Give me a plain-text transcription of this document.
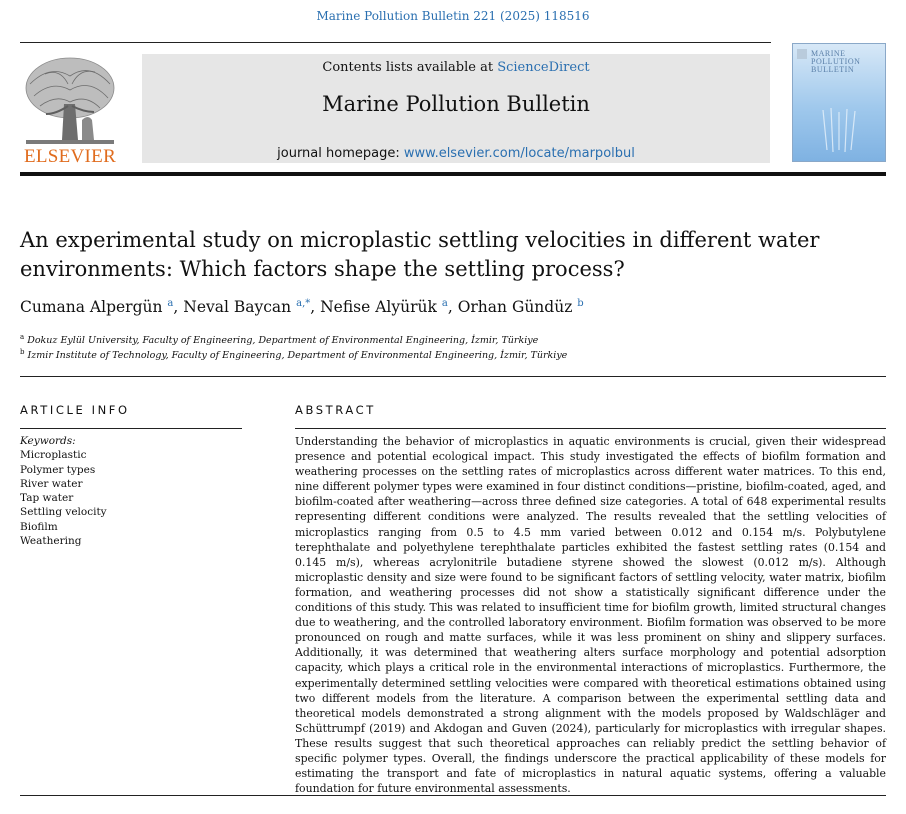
Marine Pollution Bulletin 221 (2025) 118516
ELSEVIER
Contents lists available at ScienceDirect
Marine Pollution Bulletin
journal homepage: www.elsevier.com/locate/marpolbul
MARINE
POLLUTION
BULLETIN
An experimental study on microplastic settling velocities in different water environments: Which factors shape the settling process?
Cumana Alpergün $^a$, Neval Baycan $^{a,*}$, Nefise Alyürük $^a$, Orhan Gündüz $^b$
$^a$ Dokuz Eylül University, Faculty of Engineering, Department of Environmental Engineering, İzmir, Türkiye
$^b$ Izmir Institute of Technology, Faculty of Engineering, Department of Environmental Engineering, İzmir, Türkiye
ARTICLE INFO	ABSTRACT
Keywords:
Microplastic
Polymer types
River water
Tap water
Settling velocity
Biofilm
Weathering

Understanding the behavior of microplastics in aquatic environments is crucial, given their widespread presence and potential ecological impact. This study investigated the effects of biofilm formation and weathering processes on the settling rates of microplastics across different water matrices. To this end, nine different polymer types were examined in four distinct conditions—pristine, biofilm-coated, aged, and biofilm-coated after weathering—across three defined size categories. A total of 648 experimental results representing different conditions were analyzed. The results revealed that the settling velocities of microplastics ranging from 0.5 to 4.5 mm varied between 0.012 and 0.154 m/s. Polybutylene terephthalate and polyethylene terephthalate particles exhibited the fastest settling rates (0.154 and 0.145 m/s), whereas acrylonitrile butadiene styrene showed the slowest (0.012 m/s). Although microplastic density and size were found to be significant factors of settling velocity, water matrix, biofilm formation, and weathering processes did not show a statistically significant difference under the conditions of this study. This was related to insufficient time for biofilm growth, limited structural changes due to weathering, and the controlled laboratory environment. Biofilm formation was observed to be more pronounced on rough and matte surfaces, while it was less prominent on shiny and slippery surfaces. Additionally, it was determined that weathering alters surface morphology and potential adsorption capacity, which plays a critical role in the environmental interactions of microplastics. Furthermore, the experimentally determined settling velocities were compared with theoretical estimations obtained using two different models from the literature. A comparison between the experimental settling data and theoretical models demonstrated a strong alignment with the models proposed by Waldschläger and Schüttrumpf (2019) and Akdogan and Guven (2024), particularly for microplastics with irregular shapes. These results suggest that such theoretical approaches can reliably predict the settling behavior of specific polymer types. Overall, the findings underscore the practical applicability of these models for estimating the transport and fate of microplastics in natural aquatic systems, offering a valuable foundation for future environmental assessments.
